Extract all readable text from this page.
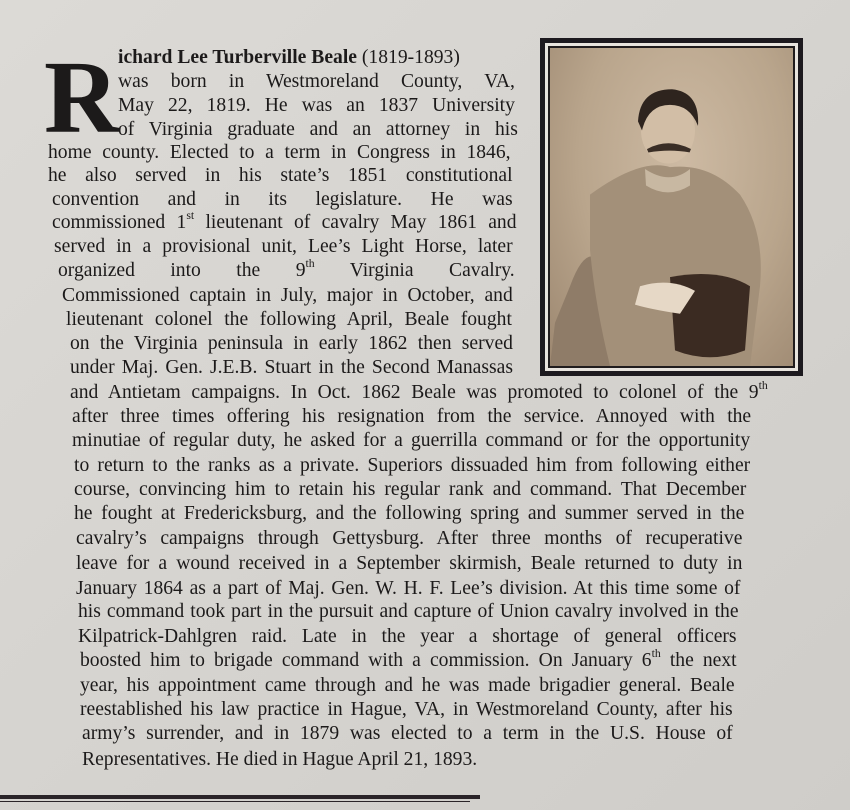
R
ichard Lee Turberville Beale (1819-1893)
was born in Westmoreland County, VA,
May 22, 1819. He was an 1837 University
of Virginia graduate and an attorney in his
home county. Elected to a term in Congress in 1846,
he also served in his state’s 1851 constitutional
convention and in its legislature. He was
commissioned 1st lieutenant of cavalry May 1861 and
served in a provisional unit, Lee’s Light Horse, later
organized into the 9th Virginia Cavalry.
Commissioned captain in July, major in October, and
lieutenant colonel the following April, Beale fought
on the Virginia peninsula in early 1862 then served
under Maj. Gen. J.E.B. Stuart in the Second Manassas
and Antietam campaigns. In Oct. 1862 Beale was promoted to colonel of the 9th
after three times offering his resignation from the service. Annoyed with the
minutiae of regular duty, he asked for a guerrilla command or for the opportunity
to return to the ranks as a private. Superiors dissuaded him from following either
course, convincing him to retain his regular rank and command. That December
he fought at Fredericksburg, and the following spring and summer served in the
cavalry’s campaigns through Gettysburg. After three months of recuperative
leave for a wound received in a September skirmish, Beale returned to duty in
January 1864 as a part of Maj. Gen. W. H. F. Lee’s division. At this time some of
his command took part in the pursuit and capture of Union cavalry involved in the
Kilpatrick-Dahlgren raid. Late in the year a shortage of general officers
boosted him to brigade command with a commission. On January 6th the next
year, his appointment came through and he was made brigadier general. Beale
reestablished his law practice in Hague, VA, in Westmoreland County, after his
army’s surrender, and in 1879 was elected to a term in the U.S. House of
Representatives. He died in Hague April 21, 1893.
